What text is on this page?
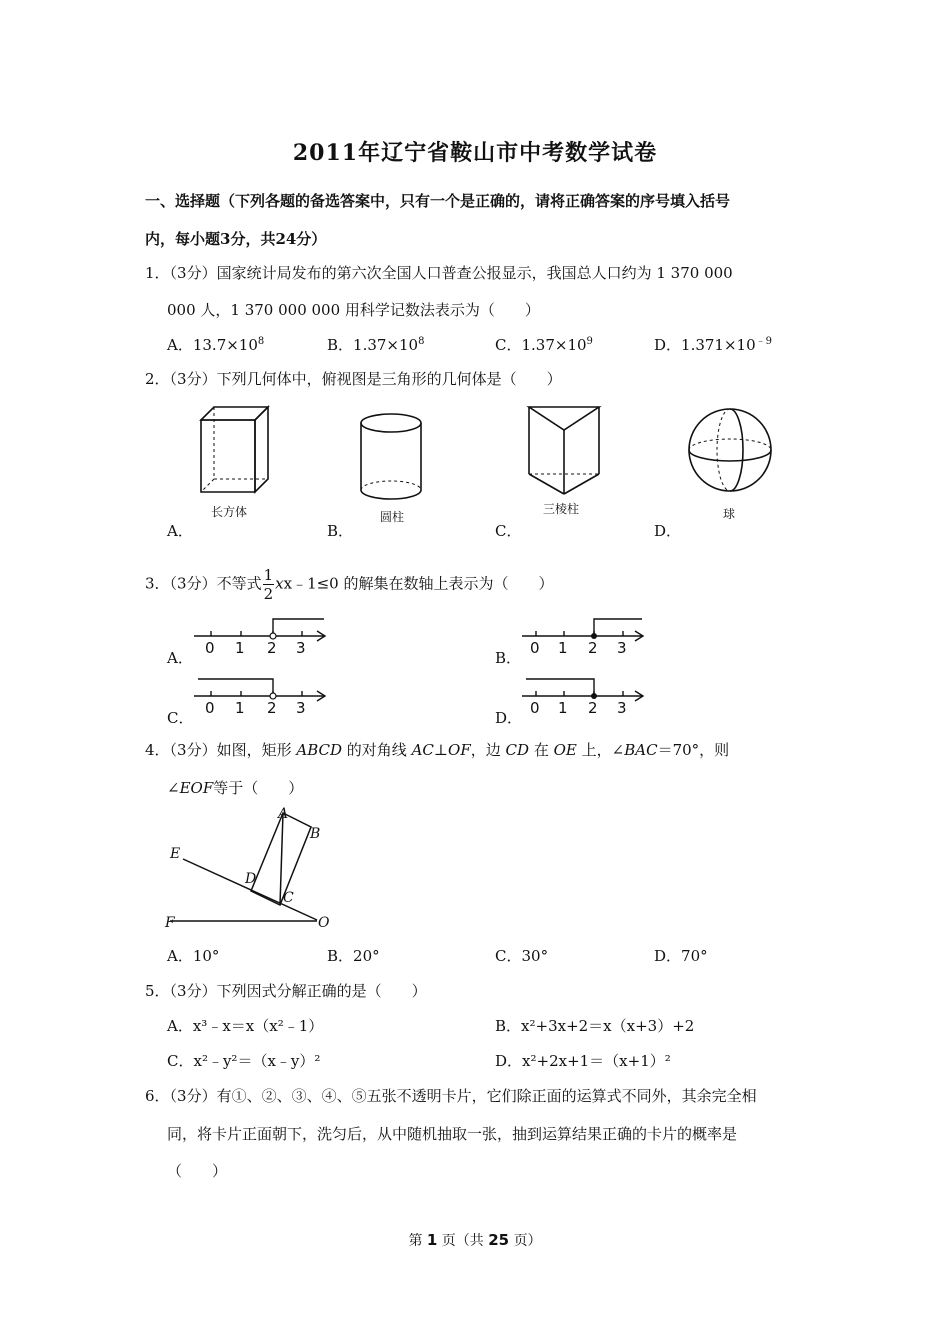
2011年辽宁省鞍山市中考数学试卷
一、选择题（下列各题的备选答案中，只有一个是正确的，请将正确答案的序号填入括号
内，每小题3分，共24分）
1．（3分）国家统计局发布的第六次全国人口普查公报显示，我国总人口约为 1 370 000
000 人，1 370 000 000 用科学记数法表示为（　　）
A．$13.7\times 10^8$	B．$1.37\times 10^8$	C．$1.37\times 10^9$	D．$1.371\times 10^{﹣9}$
2．（3分）下列几何体中，俯视图是三角形的几何体是（　　）
长方体
A．
圆柱
B．
三棱柱
C．
球
D．
3．（3分）不等式 $\frac{1}{2}$ xx﹣1≤0 的解集在数轴上表示为（　　）
A．
0 1 2 3
B．
0 1 2 3
C．
0 1 2 3
D．
0 1 2 3
4．（3分）如图，矩形 ABCD 的对角线 AC⊥OF，边 CD 在 OE 上，∠BAC＝70°，则
∠EOF等于（　　）
A
B
D
C
E
F	O
A．10°	B．20°	C．30°	D．70°
5．（3分）下列因式分解正确的是（　　）
A．x³﹣x＝x（x²﹣1）	B．x²+3x+2＝x（x+3）+2
C．x²﹣y²＝（x﹣y）²	D．x²+2x+1＝（x+1）²
6．（3分）有①、②、③、④、⑤五张不透明卡片，它们除正面的运算式不同外，其余完全相
同，将卡片正面朝下，洗匀后，从中随机抽取一张，抽到运算结果正确的卡片的概率是
（　　）
第 1 页（共 25 页）
